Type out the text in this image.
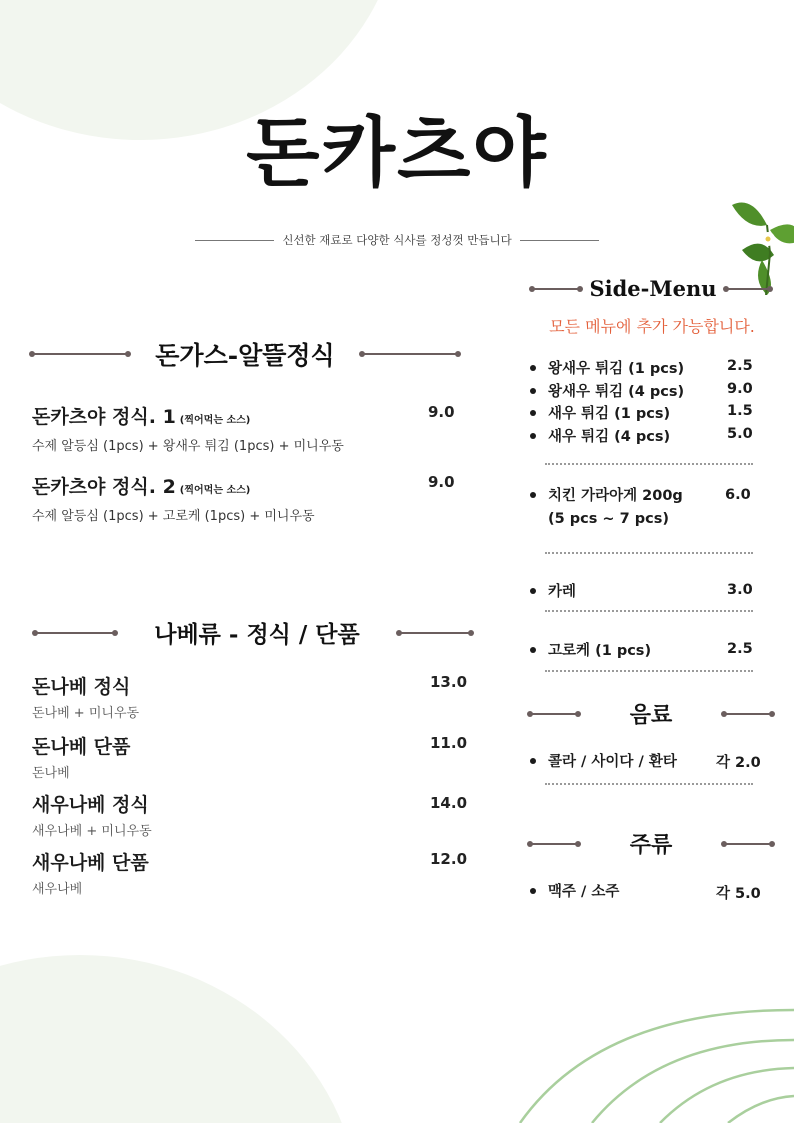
돈카츠야
신선한 재료로 다양한 식사를 정성껏 만듭니다
돈가스-알뜰정식
돈카츠야 정식. 1 (찍어먹는 소스)
수제 알등심 (1pcs) + 왕새우 튀김 (1pcs) + 미니우동
9.0
돈카츠야 정식. 2 (찍어먹는 소스)
수제 알등심 (1pcs) + 고로케 (1pcs) + 미니우동
9.0
나베류 - 정식 / 단품
돈나베 정식
돈나베 + 미니우동
13.0
돈나베 단품
돈나베
11.0
새우나베 정식
새우나베 + 미니우동
14.0
새우나베 단품
새우나베
12.0
Side-Menu
모든 메뉴에 추가 가능합니다.
왕새우 튀김 (1 pcs)	2.5
왕새우 튀김 (4 pcs)	9.0
새우 튀김 (1 pcs)	1.5
새우 튀김 (4 pcs)	5.0
치킨 가라아게 200g	6.0
(5 pcs ~ 7 pcs)
카레	3.0
고로케 (1 pcs)	2.5
음료
콜라 / 사이다 / 환타	각 2.0
주류
맥주 / 소주	각 5.0
